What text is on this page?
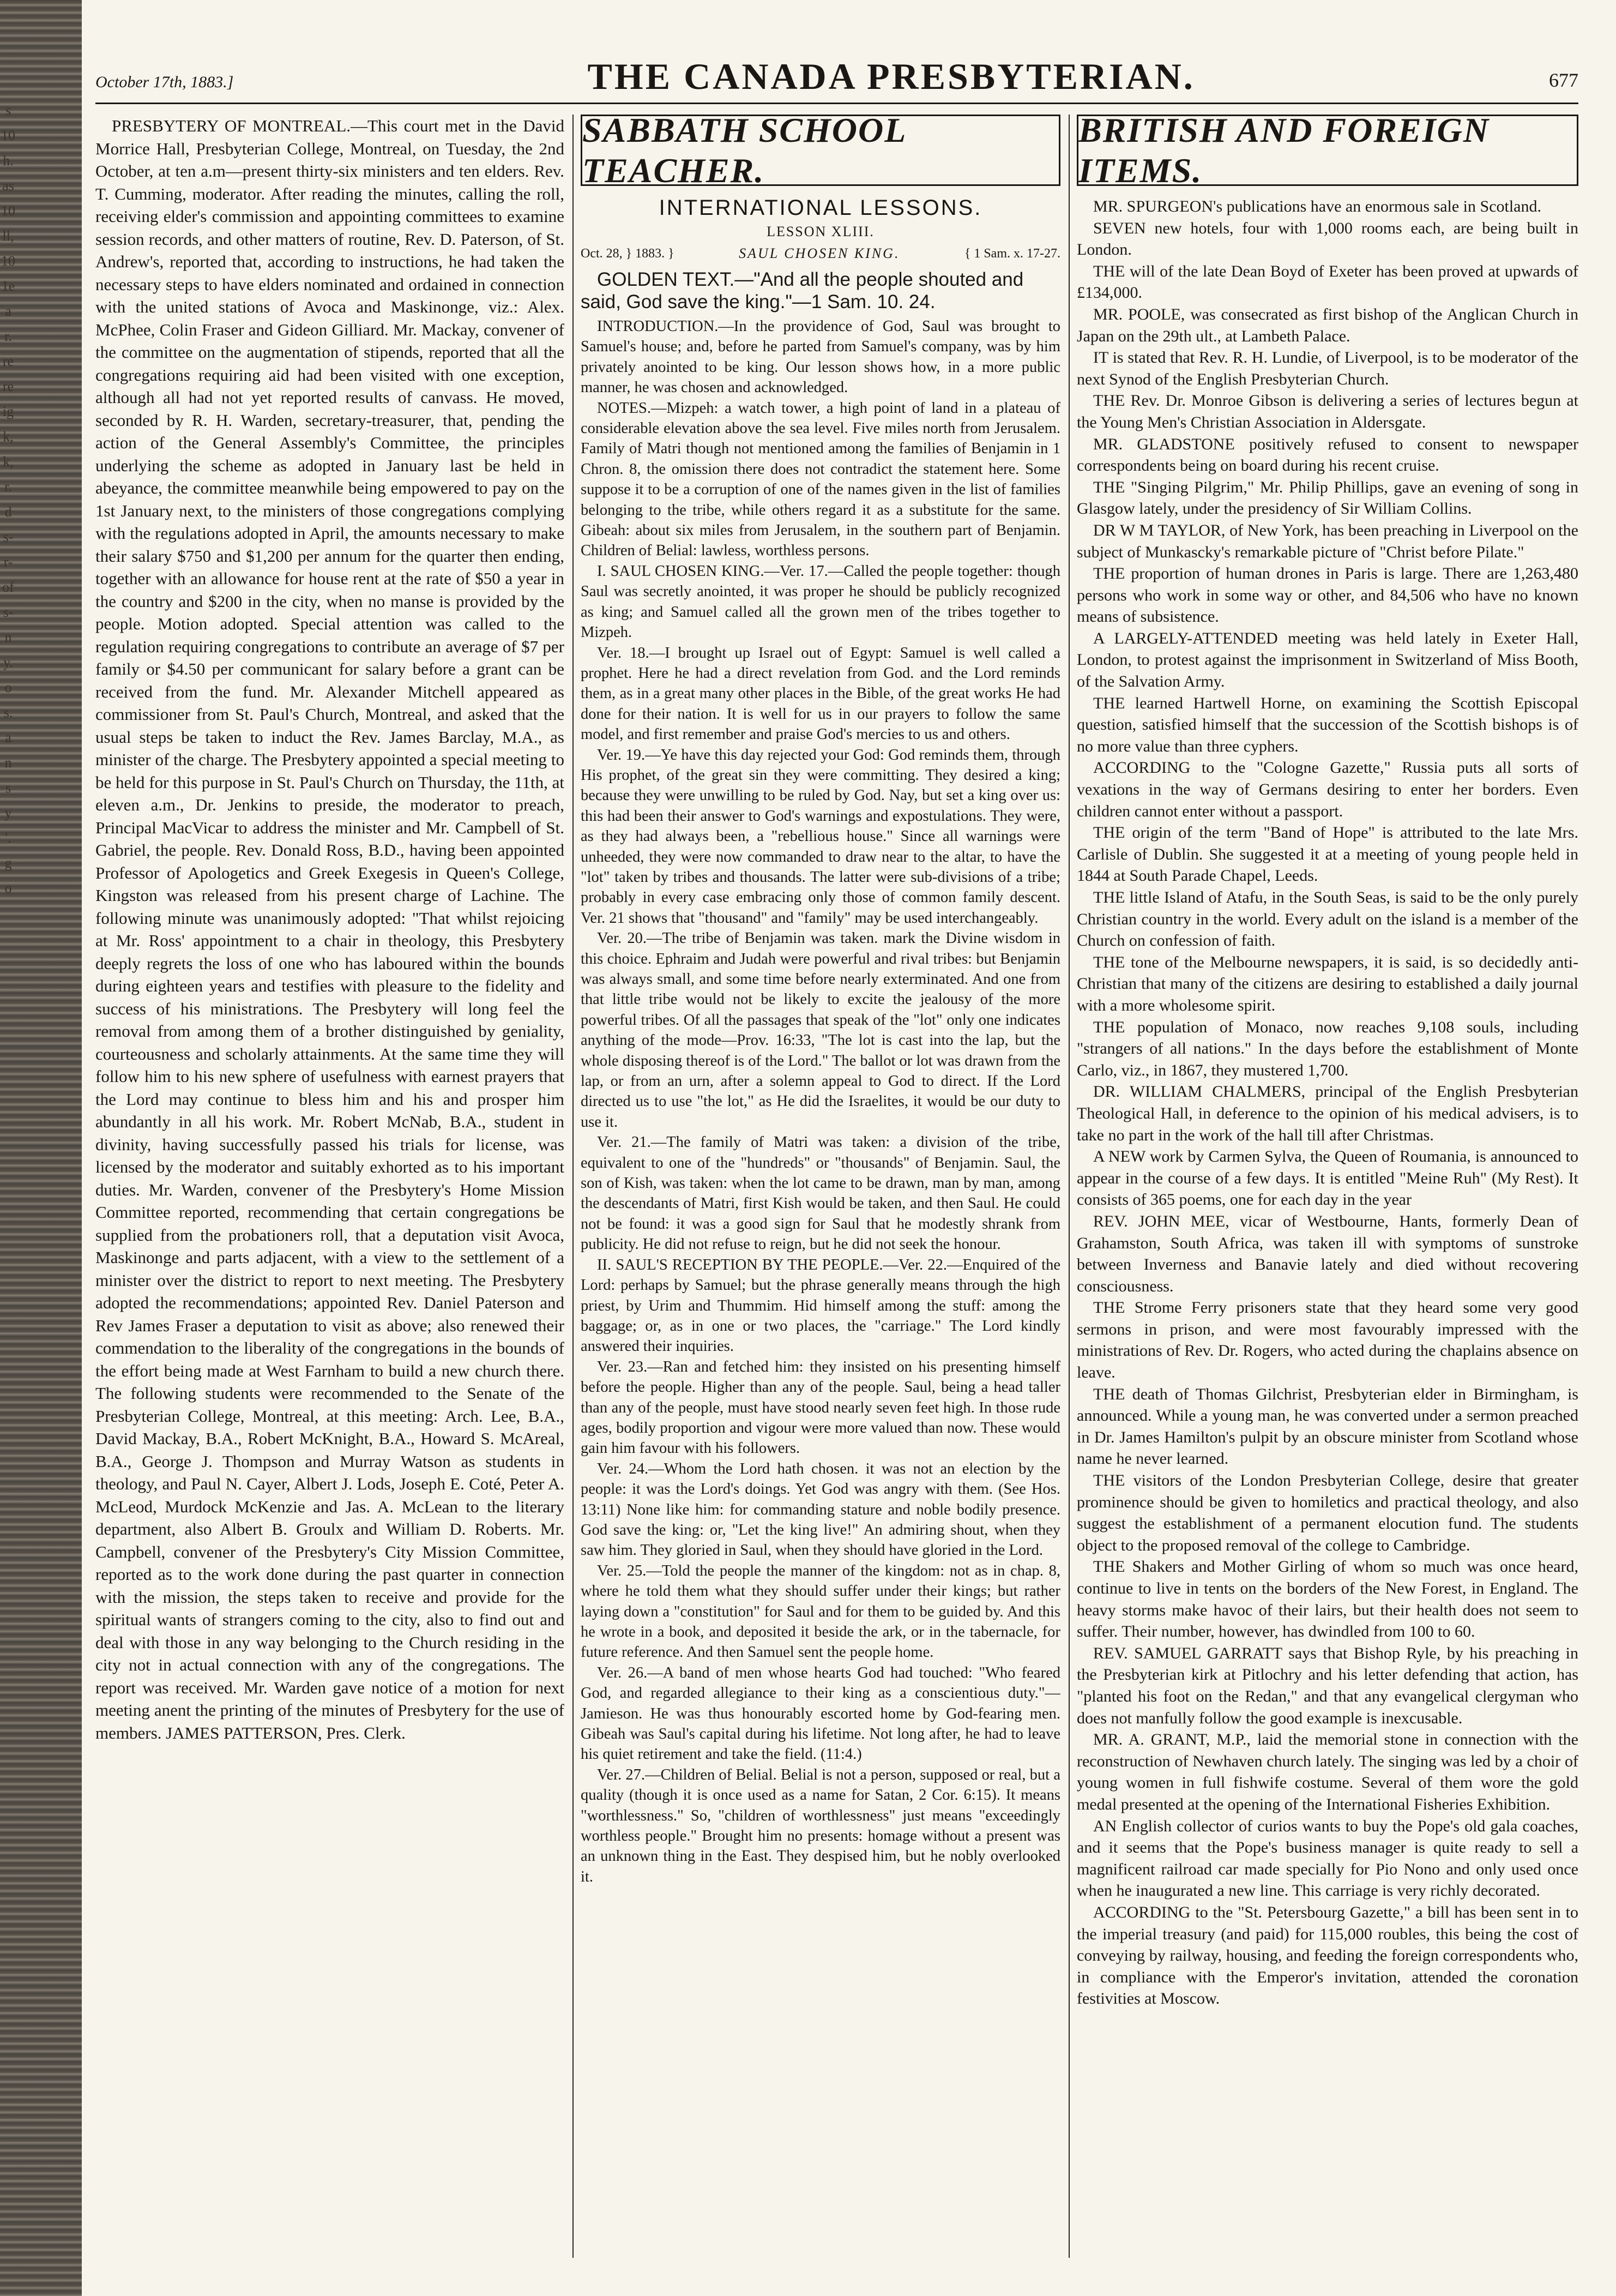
s
10
h.
as
10
ll,
10
1e
a
r.
re
re
ig
k,
k,
r.
d
s-
r-
of
s-
n
y.
o
s.
a
n
s
y
'.
g
o
October 17th, 1883.]	THE CANADA PRESBYTERIAN.	677

PRESBYTERY OF MONTREAL.—This court met in the David Morrice Hall, Presbyterian College, Montreal, on Tuesday, the 2nd October, at ten a.m—present thirty-six ministers and ten elders. Rev. T. Cumming, moderator. After reading the minutes, calling the roll, receiving elder's commission and appointing committees to examine session records, and other matters of routine, Rev. D. Paterson, of St. Andrew's, reported that, according to instructions, he had taken the necessary steps to have elders nominated and ordained in connection with the united stations of Avoca and Maskinonge, viz.: Alex. McPhee, Colin Fraser and Gideon Gilliard. Mr. Mackay, convener of the committee on the augmentation of stipends, reported that all the congregations requiring aid had been visited with one exception, although all had not yet reported results of canvass. He moved, seconded by R. H. Warden, secretary-treasurer, that, pending the action of the General Assembly's Committee, the principles underlying the scheme as adopted in January last be held in abeyance, the committee meanwhile being empowered to pay on the 1st January next, to the ministers of those congregations complying with the regulations adopted in April, the amounts necessary to make their salary $750 and $1,200 per annum for the quarter then ending, together with an allowance for house rent at the rate of $50 a year in the country and $200 in the city, when no manse is provided by the people. Motion adopted. Special attention was called to the regulation requiring congregations to contribute an average of $7 per family or $4.50 per communicant for salary before a grant can be received from the fund. Mr. Alexander Mitchell appeared as commissioner from St. Paul's Church, Montreal, and asked that the usual steps be taken to induct the Rev. James Barclay, M.A., as minister of the charge. The Presbytery appointed a special meeting to be held for this purpose in St. Paul's Church on Thursday, the 11th, at eleven a.m., Dr. Jenkins to preside, the moderator to preach, Principal MacVicar to address the minister and Mr. Campbell of St. Gabriel, the people. Rev. Donald Ross, B.D., having been appointed Professor of Apologetics and Greek Exegesis in Queen's College, Kingston was released from his present charge of Lachine. The following minute was unanimously adopted: "That whilst rejoicing at Mr. Ross' appointment to a chair in theology, this Presbytery deeply regrets the loss of one who has laboured within the bounds during eighteen years and testifies with pleasure to the fidelity and success of his ministrations. The Presbytery will long feel the removal from among them of a brother distinguished by geniality, courteousness and scholarly attainments. At the same time they will follow him to his new sphere of usefulness with earnest prayers that the Lord may continue to bless him and his and prosper him abundantly in all his work. Mr. Robert McNab, B.A., student in divinity, having successfully passed his trials for license, was licensed by the moderator and suitably exhorted as to his important duties. Mr. Warden, convener of the Presbytery's Home Mission Committee reported, recommending that certain congregations be supplied from the probationers roll, that a deputation visit Avoca, Maskinonge and parts adjacent, with a view to the settlement of a minister over the district to report to next meeting. The Presbytery adopted the recommendations; appointed Rev. Daniel Paterson and Rev James Fraser a deputation to visit as above; also renewed their commendation to the liberality of the congregations in the bounds of the effort being made at West Farnham to build a new church there. The following students were recommended to the Senate of the Presbyterian College, Montreal, at this meeting: Arch. Lee, B.A., David Mackay, B.A., Robert McKnight, B.A., Howard S. McAreal, B.A., George J. Thompson and Murray Watson as students in theology, and Paul N. Cayer, Albert J. Lods, Joseph E. Coté, Peter A. McLeod, Murdock McKenzie and Jas. A. McLean to the literary department, also Albert B. Groulx and William D. Roberts. Mr. Campbell, convener of the Presbytery's City Mission Committee, reported as to the work done during the past quarter in connection with the mission, the steps taken to receive and provide for the spiritual wants of strangers coming to the city, also to find out and deal with those in any way belonging to the Church residing in the city not in actual connection with any of the congregations. The report was received. Mr. Warden gave notice of a motion for next meeting anent the printing of the minutes of Presbytery for the use of members. JAMES PATTERSON, Pres. Clerk.

SABBATH SCHOOL TEACHER.
INTERNATIONAL LESSONS.
LESSON XLIII.
Oct. 28, } 1883. }	SAUL CHOSEN KING.	{ 1 Sam. x. 17-27.
GOLDEN TEXT.—"And all the people shouted and said, God save the king."—1 Sam. 10. 24.

INTRODUCTION.—In the providence of God, Saul was brought to Samuel's house; and, before he parted from Samuel's company, was by him privately anointed to be king. Our lesson shows how, in a more public manner, he was chosen and acknowledged.

NOTES.—Mizpeh: a watch tower, a high point of land in a plateau of considerable elevation above the sea level. Five miles north from Jerusalem. Family of Matri though not mentioned among the families of Benjamin in 1 Chron. 8, the omission there does not contradict the statement here. Some suppose it to be a corruption of one of the names given in the list of families belonging to the tribe, while others regard it as a substitute for the same. Gibeah: about six miles from Jerusalem, in the southern part of Benjamin. Children of Belial: lawless, worthless persons.

I. SAUL CHOSEN KING.—Ver. 17.—Called the people together: though Saul was secretly anointed, it was proper he should be publicly recognized as king; and Samuel called all the grown men of the tribes together to Mizpeh.

Ver. 18.—I brought up Israel out of Egypt: Samuel is well called a prophet. Here he had a direct revelation from God. and the Lord reminds them, as in a great many other places in the Bible, of the great works He had done for their nation. It is well for us in our prayers to follow the same model, and first remember and praise God's mercies to us and others.

Ver. 19.—Ye have this day rejected your God: God reminds them, through His prophet, of the great sin they were committing. They desired a king; because they were unwilling to be ruled by God. Nay, but set a king over us: this had been their answer to God's warnings and expostulations. They were, as they had always been, a "rebellious house." Since all warnings were unheeded, they were now commanded to draw near to the altar, to have the "lot" taken by tribes and thousands. The latter were sub-divisions of a tribe; probably in every case embracing only those of common family descent. Ver. 21 shows that "thousand" and "family" may be used interchangeably.

Ver. 20.—The tribe of Benjamin was taken. mark the Divine wisdom in this choice. Ephraim and Judah were powerful and rival tribes: but Benjamin was always small, and some time before nearly exterminated. And one from that little tribe would not be likely to excite the jealousy of the more powerful tribes. Of all the passages that speak of the "lot" only one indicates anything of the mode—Prov. 16:33, "The lot is cast into the lap, but the whole disposing thereof is of the Lord." The ballot or lot was drawn from the lap, or from an urn, after a solemn appeal to God to direct. If the Lord directed us to use "the lot," as He did the Israelites, it would be our duty to use it.

Ver. 21.—The family of Matri was taken: a division of the tribe, equivalent to one of the "hundreds" or "thousands" of Benjamin. Saul, the son of Kish, was taken: when the lot came to be drawn, man by man, among the descendants of Matri, first Kish would be taken, and then Saul. He could not be found: it was a good sign for Saul that he modestly shrank from publicity. He did not refuse to reign, but he did not seek the honour.

II. SAUL'S RECEPTION BY THE PEOPLE.—Ver. 22.—Enquired of the Lord: perhaps by Samuel; but the phrase generally means through the high priest, by Urim and Thummim. Hid himself among the stuff: among the baggage; or, as in one or two places, the "carriage." The Lord kindly answered their inquiries.

Ver. 23.—Ran and fetched him: they insisted on his presenting himself before the people. Higher than any of the people. Saul, being a head taller than any of the people, must have stood nearly seven feet high. In those rude ages, bodily proportion and vigour were more valued than now. These would gain him favour with his followers.

Ver. 24.—Whom the Lord hath chosen. it was not an election by the people: it was the Lord's doings. Yet God was angry with them. (See Hos. 13:11) None like him: for commanding stature and noble bodily presence. God save the king: or, "Let the king live!" An admiring shout, when they saw him. They gloried in Saul, when they should have gloried in the Lord.

Ver. 25.—Told the people the manner of the kingdom: not as in chap. 8, where he told them what they should suffer under their kings; but rather laying down a "constitution" for Saul and for them to be guided by. And this he wrote in a book, and deposited it beside the ark, or in the tabernacle, for future reference. And then Samuel sent the people home.

Ver. 26.—A band of men whose hearts God had touched: "Who feared God, and regarded allegiance to their king as a conscientious duty."—Jamieson. He was thus honourably escorted home by God-fearing men. Gibeah was Saul's capital during his lifetime. Not long after, he had to leave his quiet retirement and take the field. (11:4.)

Ver. 27.—Children of Belial. Belial is not a person, supposed or real, but a quality (though it is once used as a name for Satan, 2 Cor. 6:15). It means "worthlessness." So, "children of worthlessness" just means "exceedingly worthless people." Brought him no presents: homage without a present was an unknown thing in the East. They despised him, but he nobly overlooked it.

BRITISH AND FOREIGN ITEMS.

MR. SPURGEON's publications have an enormous sale in Scotland.

SEVEN new hotels, four with 1,000 rooms each, are being built in London.

THE will of the late Dean Boyd of Exeter has been proved at upwards of £134,000.

MR. POOLE, was consecrated as first bishop of the Anglican Church in Japan on the 29th ult., at Lambeth Palace.

IT is stated that Rev. R. H. Lundie, of Liverpool, is to be moderator of the next Synod of the English Presbyterian Church.

THE Rev. Dr. Monroe Gibson is delivering a series of lectures begun at the Young Men's Christian Association in Aldersgate.

MR. GLADSTONE positively refused to consent to newspaper correspondents being on board during his recent cruise.

THE "Singing Pilgrim," Mr. Philip Phillips, gave an evening of song in Glasgow lately, under the presidency of Sir William Collins.

DR W M TAYLOR, of New York, has been preaching in Liverpool on the subject of Munkascky's remarkable picture of "Christ before Pilate."

THE proportion of human drones in Paris is large. There are 1,263,480 persons who work in some way or other, and 84,506 who have no known means of subsistence.

A LARGELY-ATTENDED meeting was held lately in Exeter Hall, London, to protest against the imprisonment in Switzerland of Miss Booth, of the Salvation Army.

THE learned Hartwell Horne, on examining the Scottish Episcopal question, satisfied himself that the succession of the Scottish bishops is of no more value than three cyphers.

ACCORDING to the "Cologne Gazette," Russia puts all sorts of vexations in the way of Germans desiring to enter her borders. Even children cannot enter without a passport.

THE origin of the term "Band of Hope" is attributed to the late Mrs. Carlisle of Dublin. She suggested it at a meeting of young people held in 1844 at South Parade Chapel, Leeds.

THE little Island of Atafu, in the South Seas, is said to be the only purely Christian country in the world. Every adult on the island is a member of the Church on confession of faith.

THE tone of the Melbourne newspapers, it is said, is so decidedly anti-Christian that many of the citizens are desiring to established a daily journal with a more wholesome spirit.

THE population of Monaco, now reaches 9,108 souls, including "strangers of all nations." In the days before the establishment of Monte Carlo, viz., in 1867, they mustered 1,700.

DR. WILLIAM CHALMERS, principal of the English Presbyterian Theological Hall, in deference to the opinion of his medical advisers, is to take no part in the work of the hall till after Christmas.

A NEW work by Carmen Sylva, the Queen of Roumania, is announced to appear in the course of a few days. It is entitled "Meine Ruh" (My Rest). It consists of 365 poems, one for each day in the year

REV. JOHN MEE, vicar of Westbourne, Hants, formerly Dean of Grahamston, South Africa, was taken ill with symptoms of sunstroke between Inverness and Banavie lately and died without recovering consciousness.

THE Strome Ferry prisoners state that they heard some very good sermons in prison, and were most favourably impressed with the ministrations of Rev. Dr. Rogers, who acted during the chaplains absence on leave.

THE death of Thomas Gilchrist, Presbyterian elder in Birmingham, is announced. While a young man, he was converted under a sermon preached in Dr. James Hamilton's pulpit by an obscure minister from Scotland whose name he never learned.

THE visitors of the London Presbyterian College, desire that greater prominence should be given to homiletics and practical theology, and also suggest the establishment of a permanent elocution fund. The students object to the proposed removal of the college to Cambridge.

THE Shakers and Mother Girling of whom so much was once heard, continue to live in tents on the borders of the New Forest, in England. The heavy storms make havoc of their lairs, but their health does not seem to suffer. Their number, however, has dwindled from 100 to 60.

REV. SAMUEL GARRATT says that Bishop Ryle, by his preaching in the Presbyterian kirk at Pitlochry and his letter defending that action, has "planted his foot on the Redan," and that any evangelical clergyman who does not manfully follow the good example is inexcusable.

MR. A. GRANT, M.P., laid the memorial stone in connection with the reconstruction of Newhaven church lately. The singing was led by a choir of young women in full fishwife costume. Several of them wore the gold medal presented at the opening of the International Fisheries Exhibition.

AN English collector of curios wants to buy the Pope's old gala coaches, and it seems that the Pope's business manager is quite ready to sell a magnificent railroad car made specially for Pio Nono and only used once when he inaugurated a new line. This carriage is very richly decorated.

ACCORDING to the "St. Petersbourg Gazette," a bill has been sent in to the imperial treasury (and paid) for 115,000 roubles, this being the cost of conveying by railway, housing, and feeding the foreign correspondents who, in compliance with the Emperor's invitation, attended the coronation festivities at Moscow.
